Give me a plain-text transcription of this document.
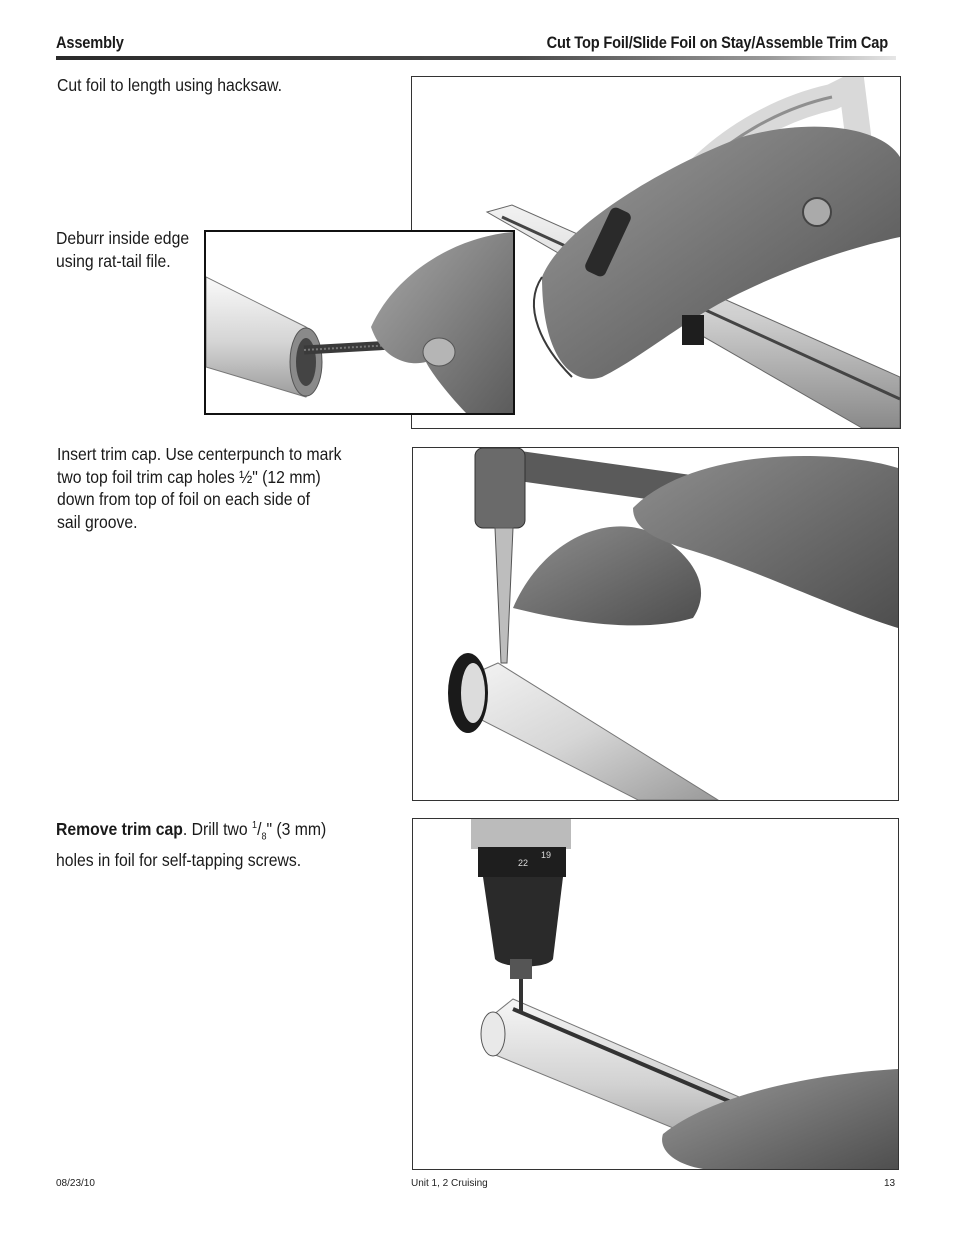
Assembly	Cut Top Foil/Slide Foil on Stay/Assemble Trim Cap
Cut foil to length using hacksaw.
Deburr inside edge
using rat-tail file.
Insert trim cap. Use centerpunch to mark
two top foil trim cap holes ½" (12 mm)
down from top of foil on each side of
sail groove.
Remove trim cap. Drill two $^1/_8$" (3 mm)
holes in foil for self-tapping screws.	22
19
08/23/10	Unit 1, 2 Cruising	13
